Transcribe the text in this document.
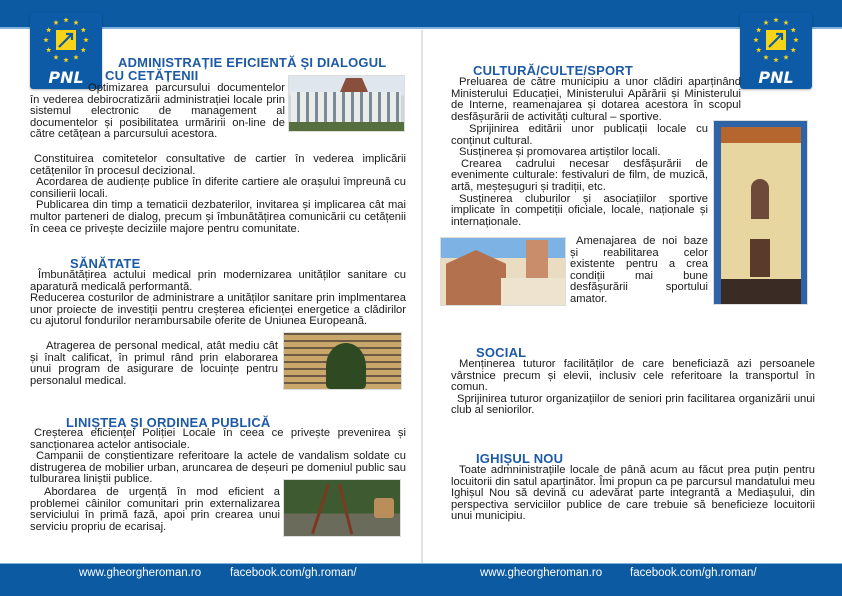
PNL	PNL
ADMINISTRAȚIE EFICIENTĂ ȘI DIALOGUL
CU CETĂȚENII

Optimizarea parcursului documentelor în vederea debirocratizării administrației locale prin sistemul electronic de management al documentelor și posibilitatea urmăririi on-line de către cetățean a parcursului acestora.

Constituirea comitetelor consultative de cartier în vederea implicării cetățenilor în procesul decizional.

Acordarea de audiențe publice în diferite cartiere ale orașului împreună cu consilierii locali.

Publicarea din timp a tematicii dezbaterilor, invitarea și implicarea cât mai multor parteneri de dialog, precum și îmbunătățirea comunicării cu cetățenii în ceea ce privește deciziile majore pentru comunitate.

SĂNĂTATE

Îmbunătățirea actului medical prin modernizarea unităților sanitare cu aparatură medicală performantă.

Reducerea costurilor de administrare a unităților sanitare prin implmentarea unor proiecte de investiții pentru creșterea eficienței energetice a clădirilor cu ajutorul fondurilor nerambursabile oferite de Uniunea Europeană.

Atragerea de personal medical, atât mediu cât și înalt calificat, în primul rând prin elaborarea unui program de asigurare de locuințe pentru personalul medical.

LINIȘTEA ȘI ORDINEA PUBLICĂ

Creșterea eficienței Poliției Locale în ceea ce privește prevenirea și sancționarea actelor antisociale.

Campanii de conștientizare referitoare la actele de vandalism soldate cu distrugerea de mobilier urban, aruncarea de deșeuri pe domeniul public sau tulburarea liniștii publice.

Abordarea de urgență în mod eficient a problemei câinilor comunitari prin externalizarea serviciului în primă fază, apoi prin crearea unui serviciu propriu de ecarisaj.

CULTURĂ/CULTE/SPORT

Preluarea de către municipiu a unor clădiri aparținând Ministerului Educației, Ministerului Apărării și Ministerului de Interne, reamenajarea și dotarea acestora în scopul desfășurării de activități cultural – sportive.

Sprijinirea editării unor publicații locale cu conținut cultural.

Susținerea și promovarea artiștilor locali.

Crearea cadrului necesar desfășurării de evenimente culturale: festivaluri de film, de muzică, artă, meșteșuguri și tradiții, etc.

Susținerea cluburilor și asociațiilor sportive implicate în competiții oficiale, locale, naționale și internaționale.

Amenajarea de noi baze și reabilitarea celor existente pentru a crea condiții mai bune desfășurării sportului amator.

SOCIAL

Menținerea tuturor facilităților de care beneficiază azi persoanele vârstnice precum și elevii, inclusiv cele referitoare la transportul în comun.

Sprijinirea tuturor organizațiilor de seniori prin facilitarea organizării unui club al seniorilor.

IGHIȘUL NOU

Toate admninistrațiile locale de până acum au făcut prea puțin pentru locuitorii din satul aparținător. Îmi propun ca pe parcursul mandatului meu Ighișul Nou să devină cu adevărat parte integrantă a Mediașului, din perspectiva serviciilor publice de care trebuie să beneficieze locuitorii unui municipiu.

www.gheorgheroman.ro	facebook.com/gh.roman/	www.gheorgheroman.ro facebook.com/gh.roman/
